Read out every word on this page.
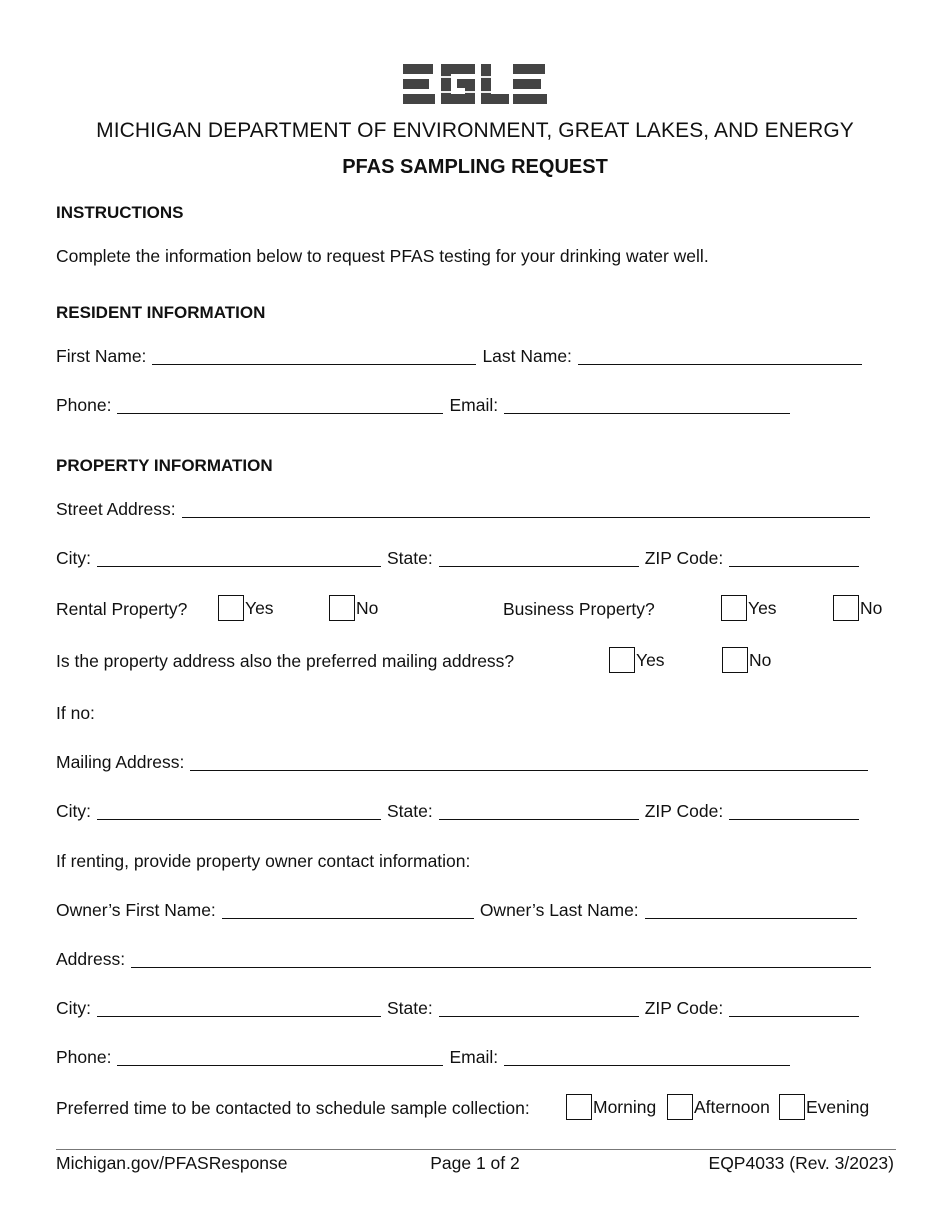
MICHIGAN DEPARTMENT OF ENVIRONMENT, GREAT LAKES, AND ENERGY
PFAS SAMPLING REQUEST
INSTRUCTIONS
Complete the information below to request PFAS testing for your drinking water well.
RESIDENT INFORMATION
First Name:	Last Name:
Phone:	Email:
PROPERTY INFORMATION
Street Address:
City:	State:	ZIP Code:
Rental Property?	Yes	No	Business Property?	Yes	No
Is the property address also the preferred mailing address?	Yes	No
If no:
Mailing Address:
City:	State:	ZIP Code:
If renting, provide property owner contact information:
Owner’s First Name:	Owner’s Last Name:
Address:
City:	State:	ZIP Code:
Phone:	Email:
Preferred time to be contacted to schedule sample collection:	Morning Afternoon Evening
Michigan.gov/PFASResponse	Page 1 of 2	EQP4033 (Rev. 3/2023)
